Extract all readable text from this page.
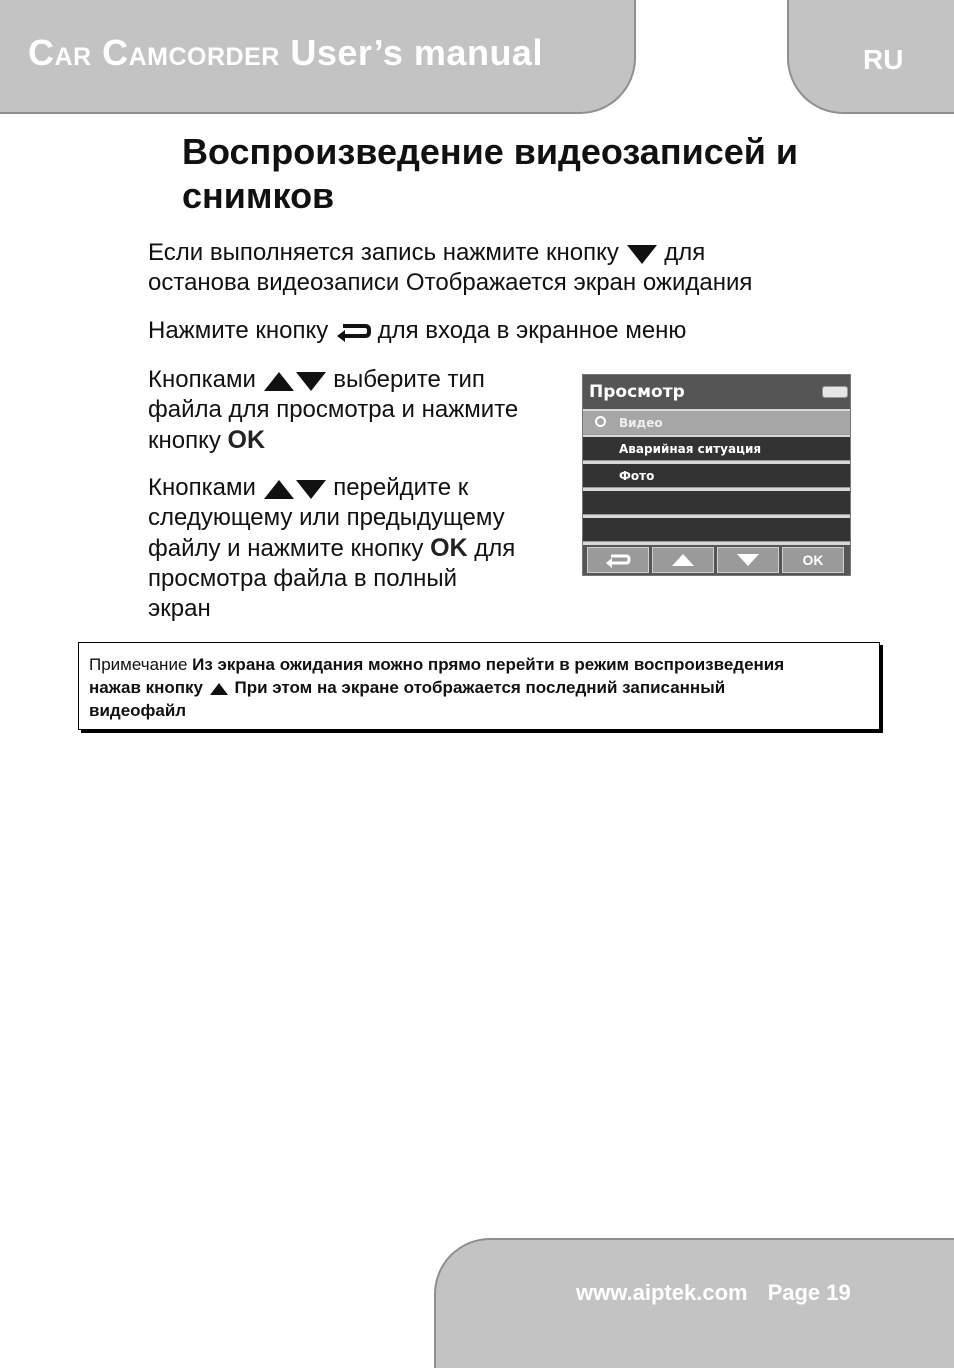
Car Camcorder User’s manual	RU
Воспроизведение видеозаписей и снимков
Если выполняется запись нажмите кнопку для
останова видеозаписи Отображается экран ожидания
Нажмите кнопку для входа в экранное меню
Кнопками	выберите тип
файла для просмотра и нажмите
кнопку OK
Кнопками	перейдите к
следующему или предыдущему
файлу и нажмите кнопку OK для
просмотра файла в полный
экран
Просмотр
Видео
Аварийная ситуация
Фото
OK
Примечание Из экрана ожидания можно прямо перейти в режим воспроизведения
нажав кнопку При этом на экране отображается последний записанный
видеофайл
www.aiptek.com Page 19
